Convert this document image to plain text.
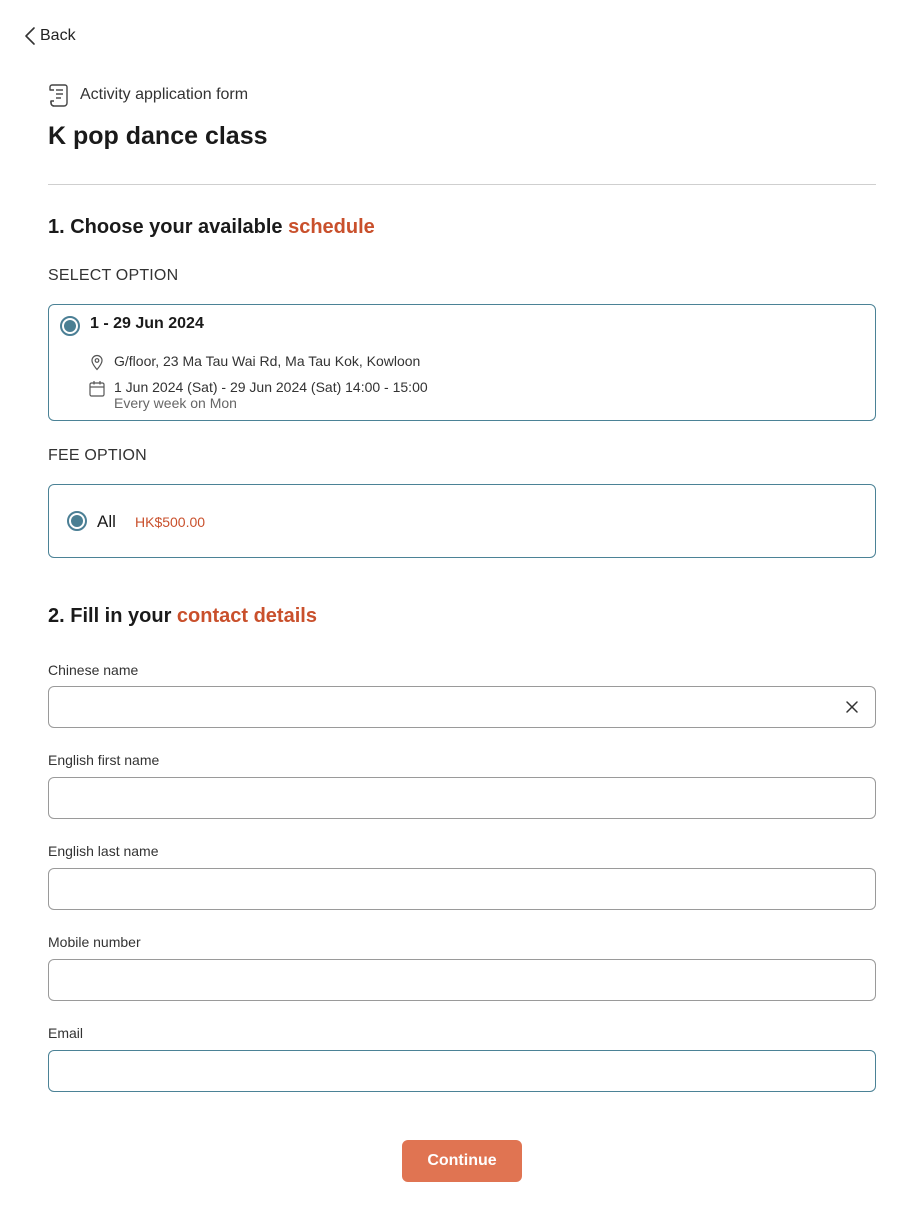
Back
Activity application form
K pop dance class
1. Choose your available schedule
SELECT OPTION
1 - 29 Jun 2024
G/floor, 23 Ma Tau Wai Rd, Ma Tau Kok, Kowloon
1 Jun 2024 (Sat) - 29 Jun 2024 (Sat) 14:00 - 15:00
Every week on Mon
FEE OPTION
All HK$500.00
2. Fill in your contact details
Chinese name
English first name
English last name
Mobile number
Email
Continue
